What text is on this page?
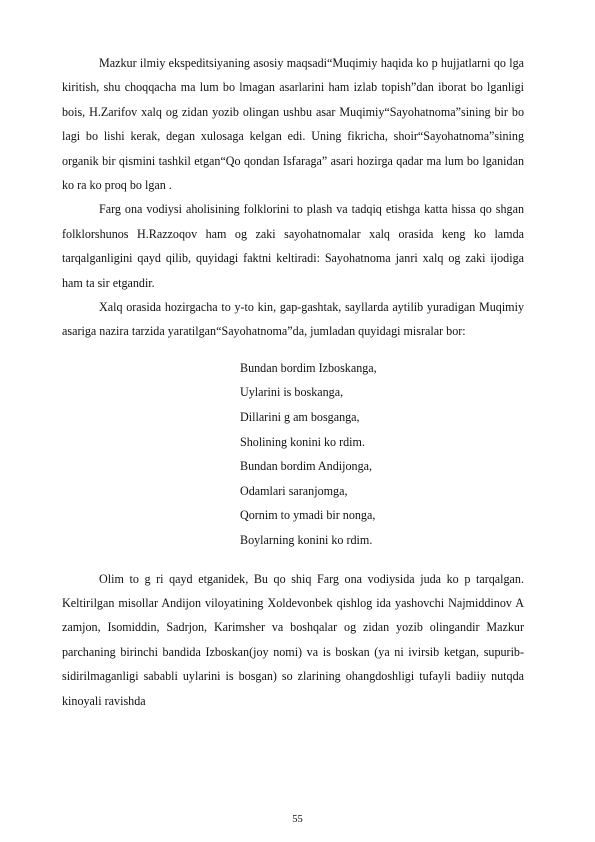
Mazkur ilmiy ekspeditsiyaning asosiy maqsadi“Muqimiy haqida ko p hujjatlarni qo lga kiritish, shu choqqacha ma lum bo lmagan asarlarini ham izlab topish”dan iborat bo lganligi bois, H.Zarifov xalq og zidan yozib olingan ushbu asar Muqimiy“Sayohatnoma”sining bir bo lagi bo lishi kerak, degan xulosaga kelgan edi. Uning fikricha, shoir“Sayohatnoma”sining organik bir qismini tashkil etgan“Qo qondan Isfaraga” asari hozirga qadar ma lum bo lganidan ko ra ko proq bo lgan .

Farg ona vodiysi aholisining folklorini to plash va tadqiq etishga katta hissa qo shgan folklorshunos H.Razzoqov ham og zaki sayohatnomalar xalq orasida keng ko lamda tarqalganligini qayd qilib, quyidagi faktni keltiradi: Sayohatnoma janri xalq og zaki ijodiga ham ta sir etgandir.

Xalq orasida hozirgacha to y-to kin, gap-gashtak, sayllarda aytilib yuradigan Muqimiy asariga nazira tarzida yaratilgan“Sayohatnoma”da, jumladan quyidagi misralar bor:

Bundan bordim Izboskanga,
Uylarini is boskanga,
Dillarini g am bosganga,
Sholining konini ko rdim.
Bundan bordim Andijonga,
Odamlari saranjomga,
Qornim to ymadi bir nonga,
Boylarning konini ko rdim.

Olim to g ri qayd etganidek, Bu qo shiq Farg ona vodiysida juda ko p tarqalgan. Keltirilgan misollar Andijon viloyatining Xoldevonbek qishlog ida yashovchi Najmiddinov A zamjon, Isomiddin, Sadrjon, Karimsher va boshqalar og zidan yozib olingandir Mazkur parchaning birinchi bandida Izboskan(joy nomi) va is boskan (ya ni ivirsib ketgan, supurib-sidirilmaganligi sababli uylarini is bosgan) so zlarining ohangdoshligi tufayli badiiy nutqda kinoyali ravishda

55
